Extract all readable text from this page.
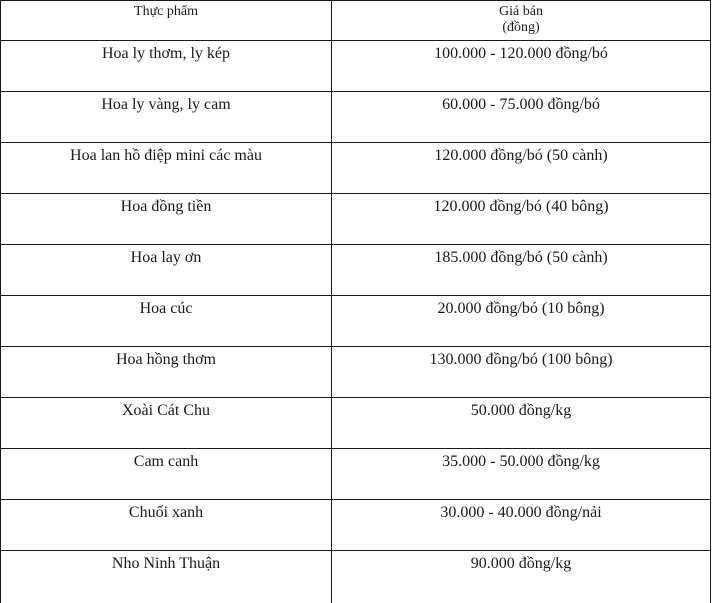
Thực phẩm	Giá bán
(đồng)

Hoa ly thơm, ly kép	100.000 - 120.000 đồng/bó
Hoa ly vàng, ly cam	60.000 - 75.000 đồng/bó
Hoa lan hồ điệp mini các màu	120.000 đồng/bó (50 cành)
Hoa đồng tiền	120.000 đồng/bó (40 bông)
Hoa lay ơn	185.000 đồng/bó (50 cành)
Hoa cúc	20.000 đồng/bó (10 bông)
Hoa hồng thơm	130.000 đồng/bó (100 bông)
Xoài Cát Chu	50.000 đồng/kg
Cam canh	35.000 - 50.000 đồng/kg
Chuối xanh	30.000 - 40.000 đồng/nải
Nho Ninh Thuận	90.000 đồng/kg
